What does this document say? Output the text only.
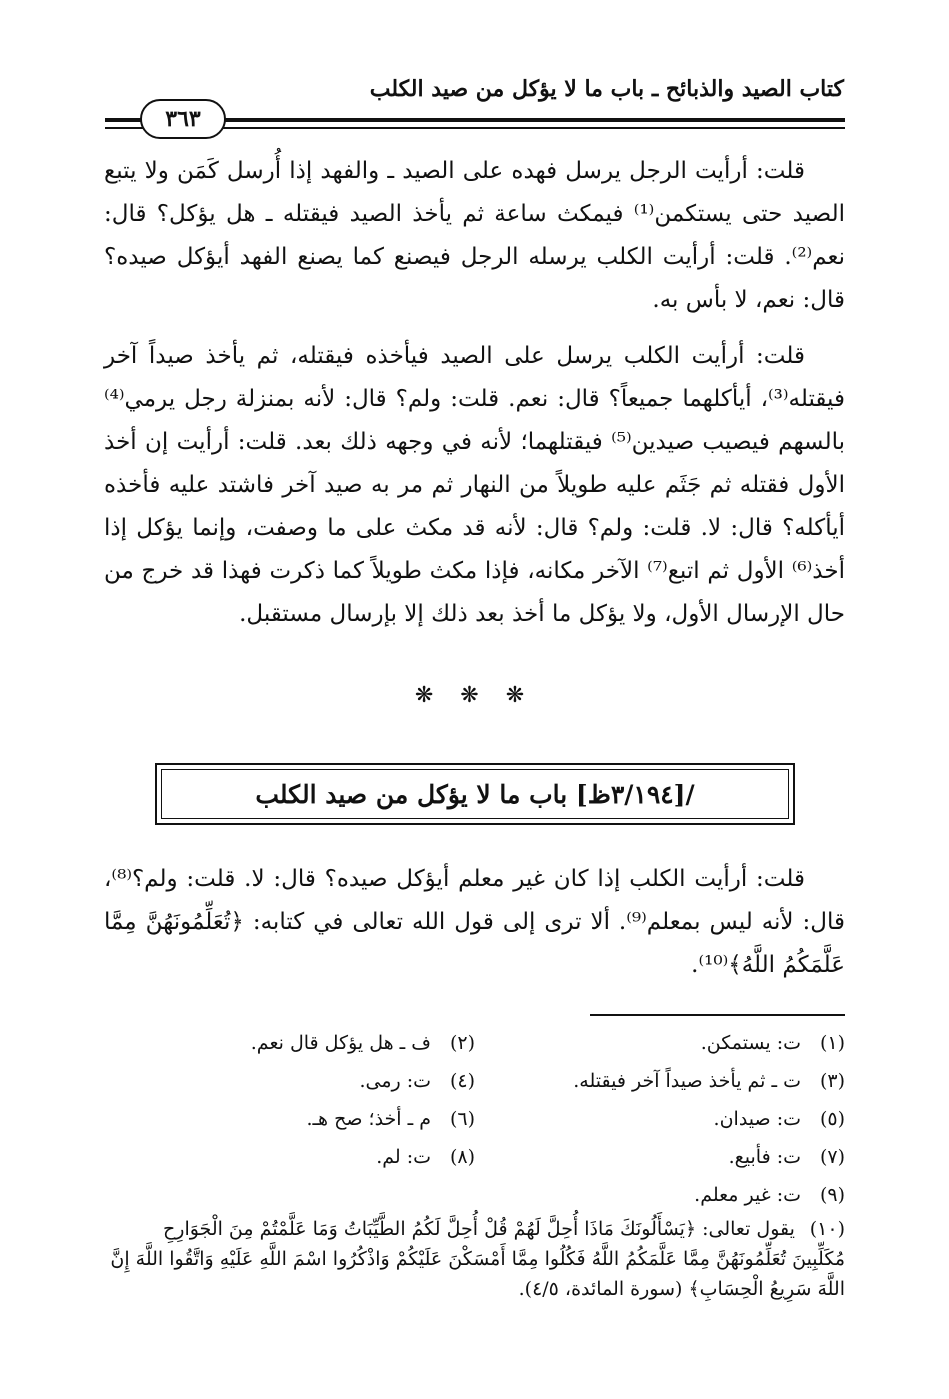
كتاب الصيد والذبائح ـ باب ما لا يؤكل من صيد الكلب
٣٦٣

قلت: أرأيت الرجل يرسل فهده على الصيد ـ والفهد إذا أُرسل كَمَن ولا يتبع الصيد حتى يستكمن⁽¹⁾ فيمكث ساعة ثم يأخذ الصيد فيقتله ـ هل يؤكل؟ قال: نعم⁽²⁾. قلت: أرأيت الكلب يرسله الرجل فيصنع كما يصنع الفهد أيؤكل صيده؟ قال: نعم، لا بأس به.

قلت: أرأيت الكلب يرسل على الصيد فيأخذه فيقتله، ثم يأخذ صيداً آخر فيقتله⁽³⁾، أيأكلهما جميعاً؟ قال: نعم. قلت: ولم؟ قال: لأنه بمنزلة رجل يرمي⁽⁴⁾ بالسهم فيصيب صيدين⁽⁵⁾ فيقتلهما؛ لأنه في وجهه ذلك بعد. قلت: أرأيت إن أخذ الأول فقتله ثم جَثَم عليه طويلاً من النهار ثم مر به صيد آخر فاشتد عليه فأخذه أيأكله؟ قال: لا. قلت: ولم؟ قال: لأنه قد مكث على ما وصفت، وإنما يؤكل إذا أخذ⁽⁶⁾ الأول ثم اتبع⁽⁷⁾ الآخر مكانه، فإذا مكث طويلاً كما ذكرت فهذا قد خرج من حال الإرسال الأول، ولا يؤكل ما أخذ بعد ذلك إلا بإرسال مستقبل.

❋ ❋ ❋
/[٣/١٩٤ظ] باب ما لا يؤكل من صيد الكلب

قلت: أرأيت الكلب إذا كان غير معلم أيؤكل صيده؟ قال: لا. قلت: ولم؟⁽⁸⁾، قال: لأنه ليس بمعلم⁽⁹⁾. ألا ترى إلى قول الله تعالى في كتابه: ﴿تُعَلِّمُونَهُنَّ مِمَّا عَلَّمَكُمُ اللَّهُ﴾⁽¹⁰⁾.

(١)
ت: يستمكن.
(٢)
ف ـ هل يؤكل قال نعم.
(٣)
ت ـ ثم يأخذ صيداً آخر فيقتله.
(٤)
ت: رمى.
(٥)
ت: صيدان.
(٦)
م ـ أخذ؛ صح هـ.
(٧)
ت: فأبيع.
(٨)
ت: لم.
(٩)
ت: غير معلم.
(١٠) يقول تعالى: ﴿يَسْأَلُونَكَ مَاذَا أُحِلَّ لَهُمْ قُلْ أُحِلَّ لَكُمُ الطَّيِّبَاتُ وَمَا عَلَّمْتُمْ مِنَ الْجَوَارِحِ مُكَلِّبِينَ تُعَلِّمُونَهُنَّ مِمَّا عَلَّمَكُمُ اللَّهُ فَكُلُوا مِمَّا أَمْسَكْنَ عَلَيْكُمْ وَاذْكُرُوا اسْمَ اللَّهِ عَلَيْهِ وَاتَّقُوا اللَّهَ إِنَّ اللَّهَ سَرِيعُ الْحِسَابِ﴾ (سورة المائدة، ٤/٥).
